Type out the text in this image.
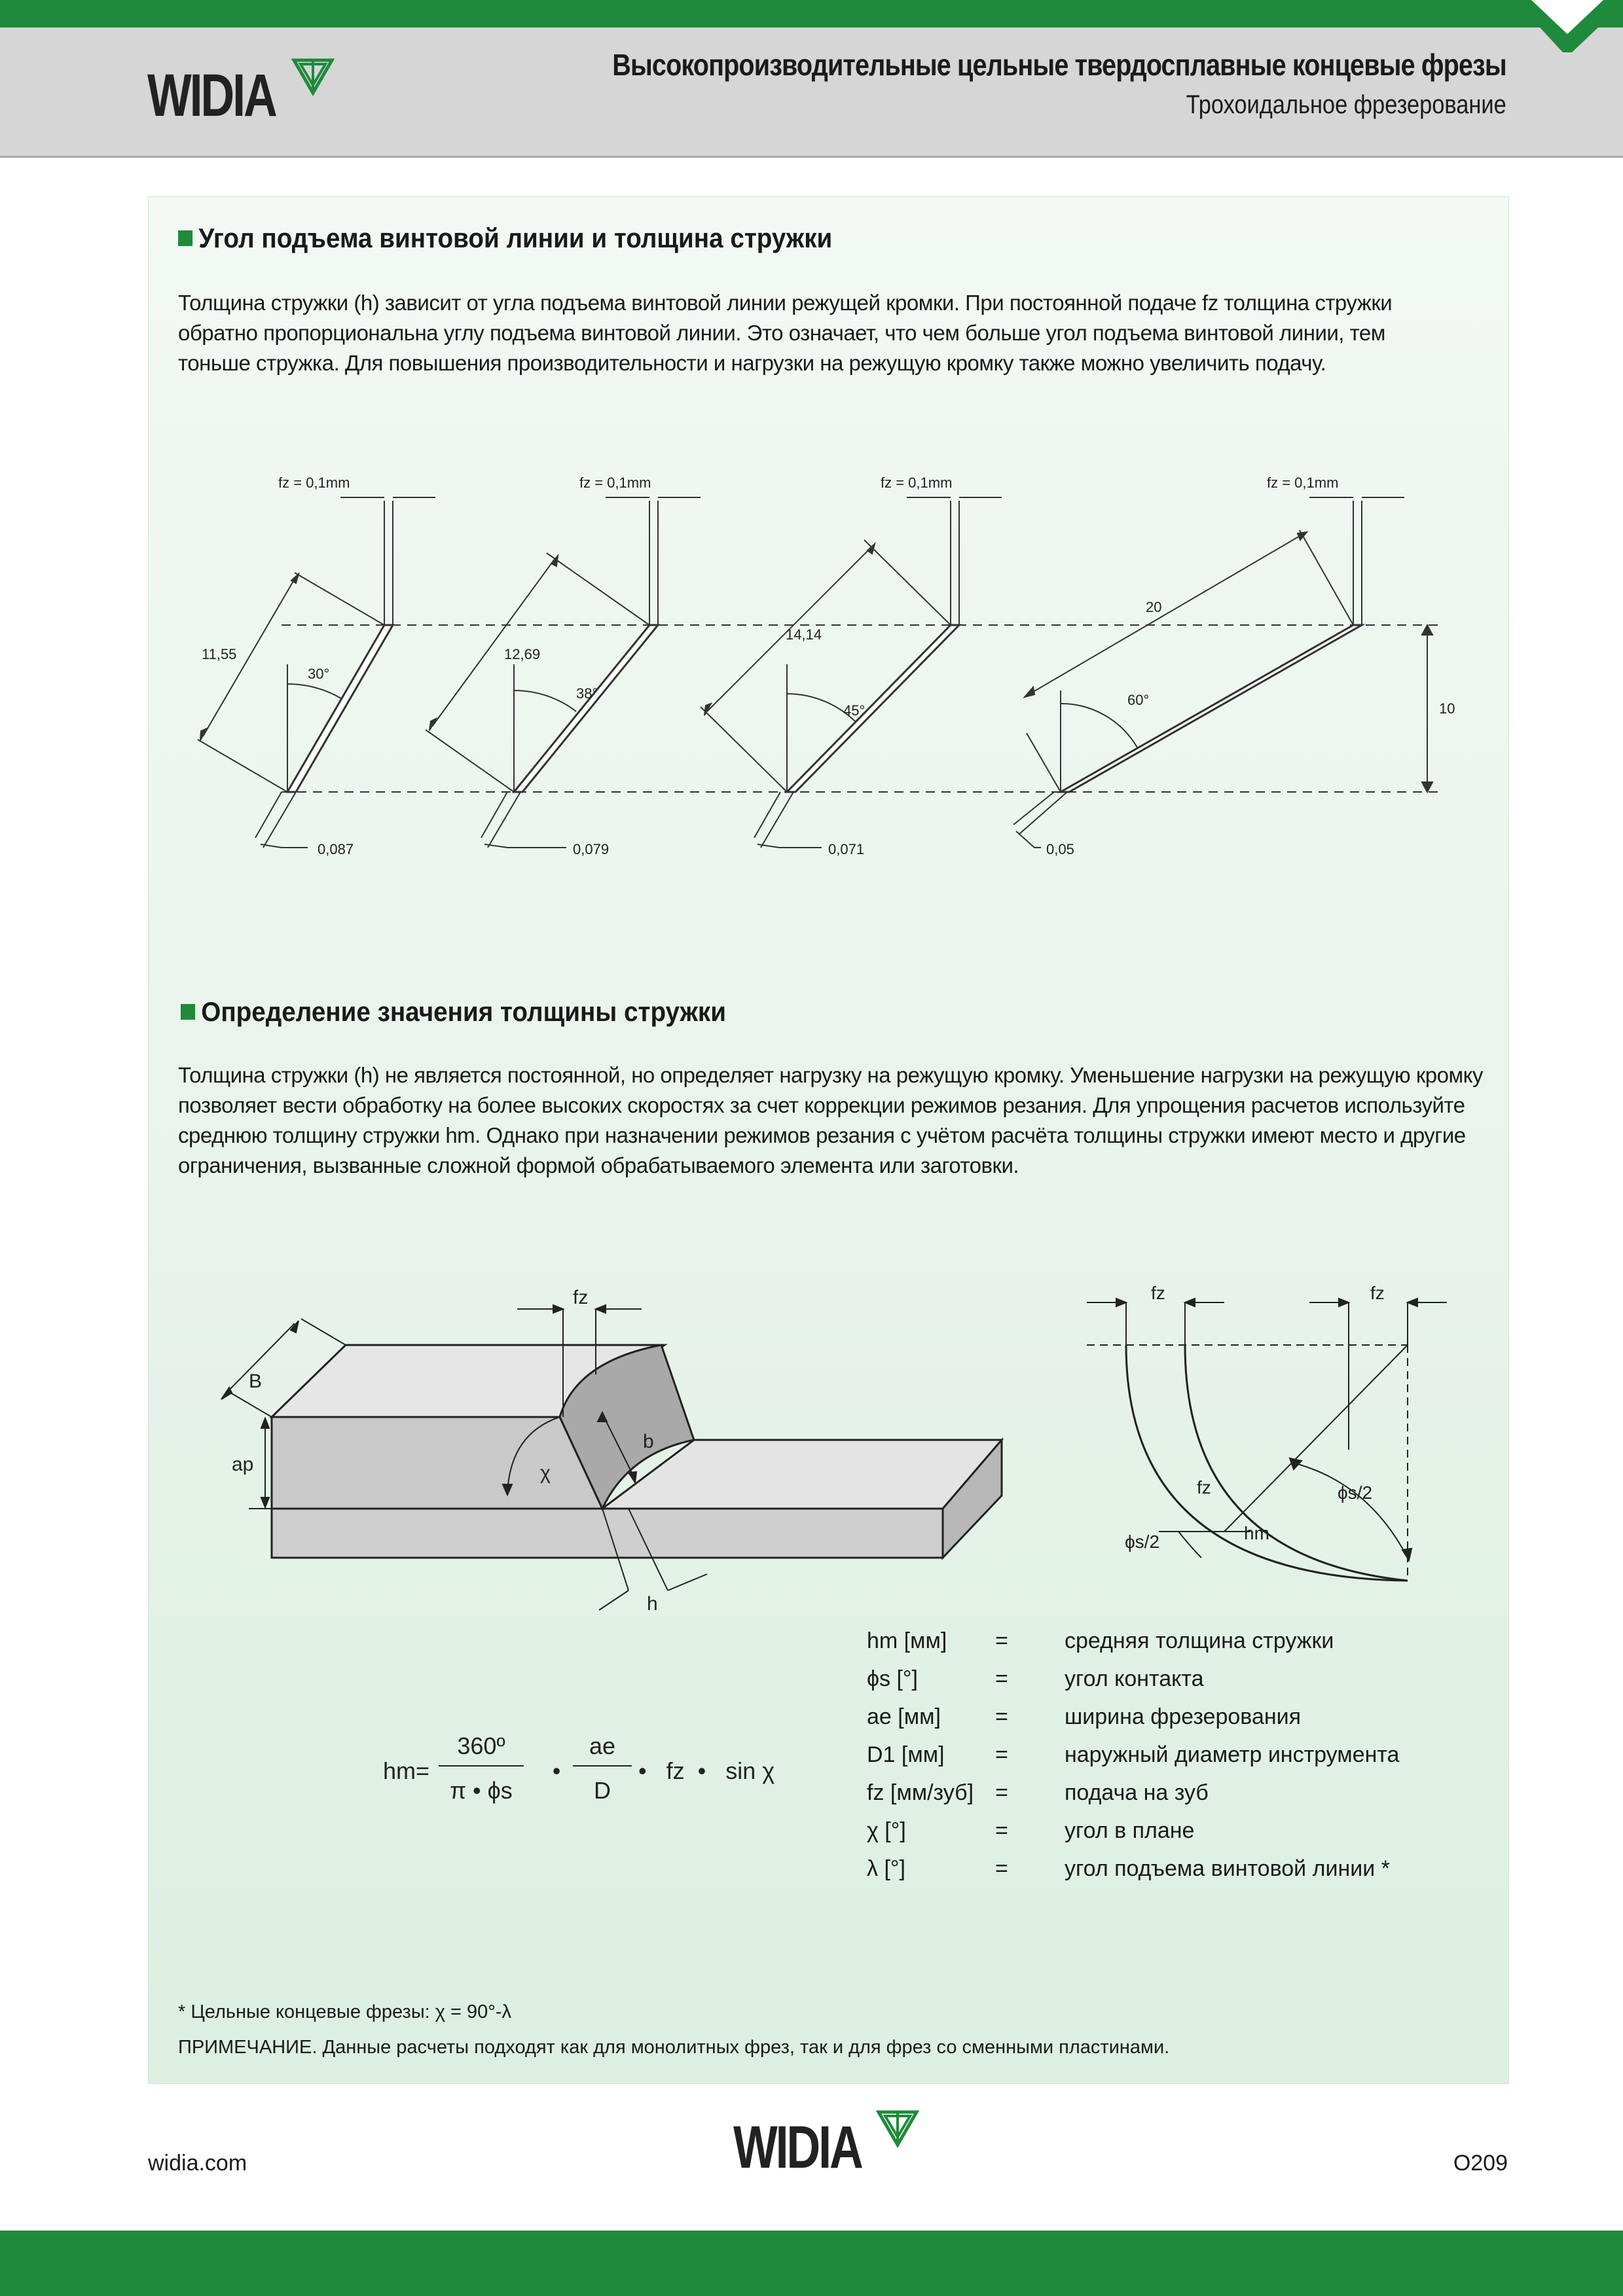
WIDIA	Высокопроизводительные цельные твердосплавные концевые фрезы
Трохоидальное фрезерование
Угол подъема винтовой линии и толщина стружки
Толщина стружки (h) зависит от угла подъема винтовой линии режущей кромки. При постоянной подаче fz толщина стружки
обратно пропорциональна углу подъема винтовой линии. Это означает, что чем больше угол подъема винтовой линии, тем
тоньше стружка. Для повышения производительности и нагрузки на режущую кромку также можно увеличить подачу.
fz = 0,1mm	fz = 0,1mm	fz = 0,1mm	fz = 0,1mm
11,55	12,69
14,14
20
30°
38°
45°
60°
0,087	0,079	0,071	0,05
10
Определение значения толщины стружки
Толщина стружки (h) не является постоянной, но определяет нагрузку на режущую кромку. Уменьшение нагрузки на режущую кромку
позволяет вести обработку на более высоких скоростях за счет коррекции режимов резания. Для упрощения расчетов используйте
среднюю толщину стружки hm. Однако при назначении режимов резания с учётом расчёта толщины стружки имеют место и другие
ограничения, вызванные сложной формой обрабатываемого элемента или заготовки.
fz
B
ap	χ
b
h
fz	fz
fz	ϕs/2
ϕs/2	hm
hm=
360º
π • ϕs
•
ae
D
•   fz  •   sin χ
hm [мм] =	средняя толщина стружки
ϕs [°]	=	угол контакта
ae [мм] =	ширина фрезерования
D1 [мм] =	наружный диаметр инструмента
fz [мм/зуб] =	подача на зуб
χ [°]	=	угол в плане
λ [°]	=	угол подъема винтовой линии *
* Цельные концевые фрезы: χ = 90°-λ
ПРИМЕЧАНИЕ. Данные расчеты подходят как для монолитных фрез, так и для фрез со сменными пластинами.
widia.com	WIDIA	O209
